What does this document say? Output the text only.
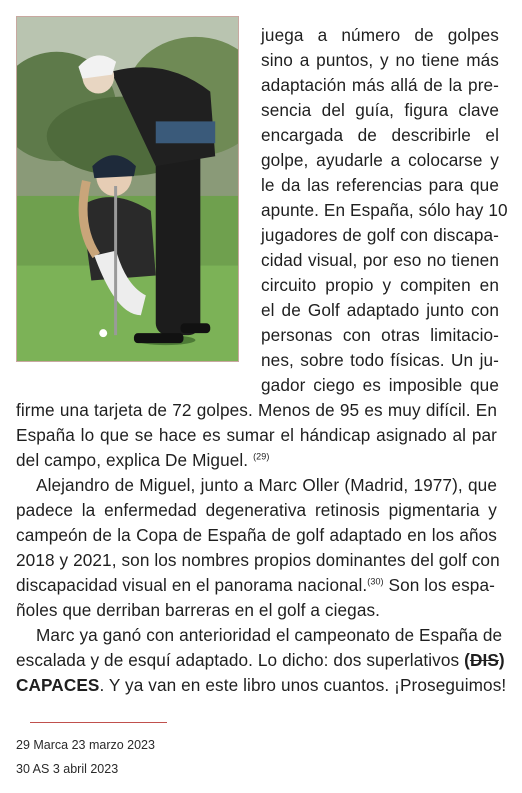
juega a número de golpes
sino a puntos, y no tiene más
adaptación más allá de la pre-
sencia del guía, figura clave
encargada de describirle el
golpe, ayudarle a colocarse y
le da las referencias para que
apunte. En España, sólo hay 10
jugadores de golf con discapa-
cidad visual, por eso no tienen
circuito propio y compiten en
el de Golf adaptado junto con
personas con otras limitacio-
nes, sobre todo físicas. Un ju-
gador ciego es imposible que
firme una tarjeta de 72 golpes. Menos de 95 es muy difícil. En
España lo que se hace es sumar el hándicap asignado al par
del campo, explica De Miguel. $^{(29)}$
Alejandro de Miguel, junto a Marc Oller (Madrid, 1977), que
padece la enfermedad degenerativa retinosis pigmentaria y
campeón de la Copa de España de golf adaptado en los años
2018 y 2021, son los nombres propios dominantes del golf con
discapacidad visual en el panorama nacional.$^{(30)}$ Son los espa-
ñoles que derriban barreras en el golf a ciegas.
Marc ya ganó con anterioridad el campeonato de España de
escalada y de esquí adaptado. Lo dicho: dos superlativos (DIS)
CAPACES. Y ya van en este libro unos cuantos. ¡Proseguimos!
29 Marca 23 marzo 2023
30 AS 3 abril 2023
